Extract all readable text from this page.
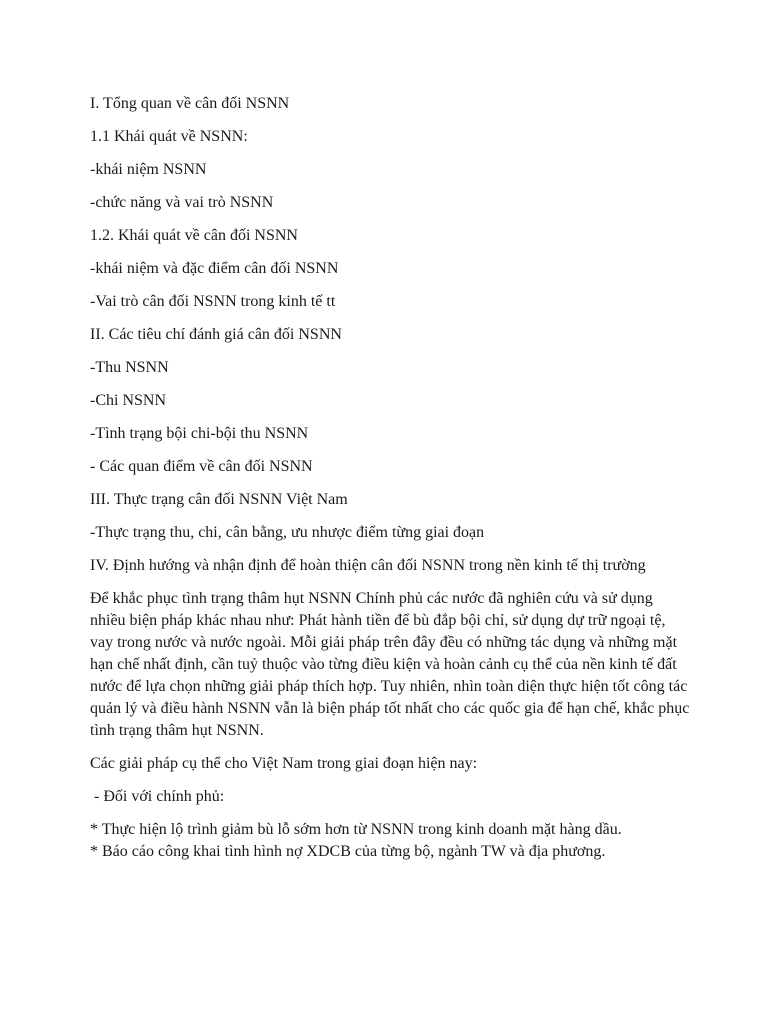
I. Tổng quan về cân đối NSNN

1.1 Khái quát về NSNN:

-khái niệm NSNN

-chức năng và vai trò NSNN

1.2. Khái quát về cân đối NSNN

-khái niệm và đặc điểm cân đối NSNN

-Vai trò cân đối NSNN trong kinh tế tt

II. Các tiêu chí đánh giá cân đối NSNN

-Thu NSNN

-Chi NSNN

-Tình trạng bội chi-bội thu NSNN

- Các quan điểm về cân đối NSNN

III. Thực trạng cân đối NSNN Việt Nam

-Thực trạng thu, chi, cân bằng, ưu nhược điểm từng giai đoạn

IV. Định hướng và nhận định để hoàn thiện cân đối NSNN trong nền kinh tế thị trường

Để khắc phục tình trạng thâm hụt NSNN Chính phủ các nước đã nghiên cứu và sử dụng nhiều biện pháp khác nhau như: Phát hành tiền để bù đắp bội chỉ, sử dụng dự trữ ngoại tệ, vay trong nước và nước ngoài. Mỗi giải pháp trên đây đều có những tác dụng và những mặt hạn chế nhất định, cần tuỷ thuộc vào từng điều kiện và hoàn cảnh cụ thể của nền kinh tế đất nước để lựa chọn những giải pháp thích hợp. Tuy nhiên, nhìn toàn diện thực hiện tốt công tác quản lý và điều hành NSNN vẫn là biện pháp tốt nhất cho các quốc gia để hạn chế, khắc phục tình trạng thâm hụt NSNN.

Các giải pháp cụ thể cho Việt Nam trong giai đoạn hiện nay:

- Đối với chính phủ:

* Thực hiện lộ trình giảm bù lỗ sớm hơn từ NSNN trong kinh doanh mặt hàng dầu.

* Báo cáo công khai tình hình nợ XDCB của từng bộ, ngành TW và địa phương.
